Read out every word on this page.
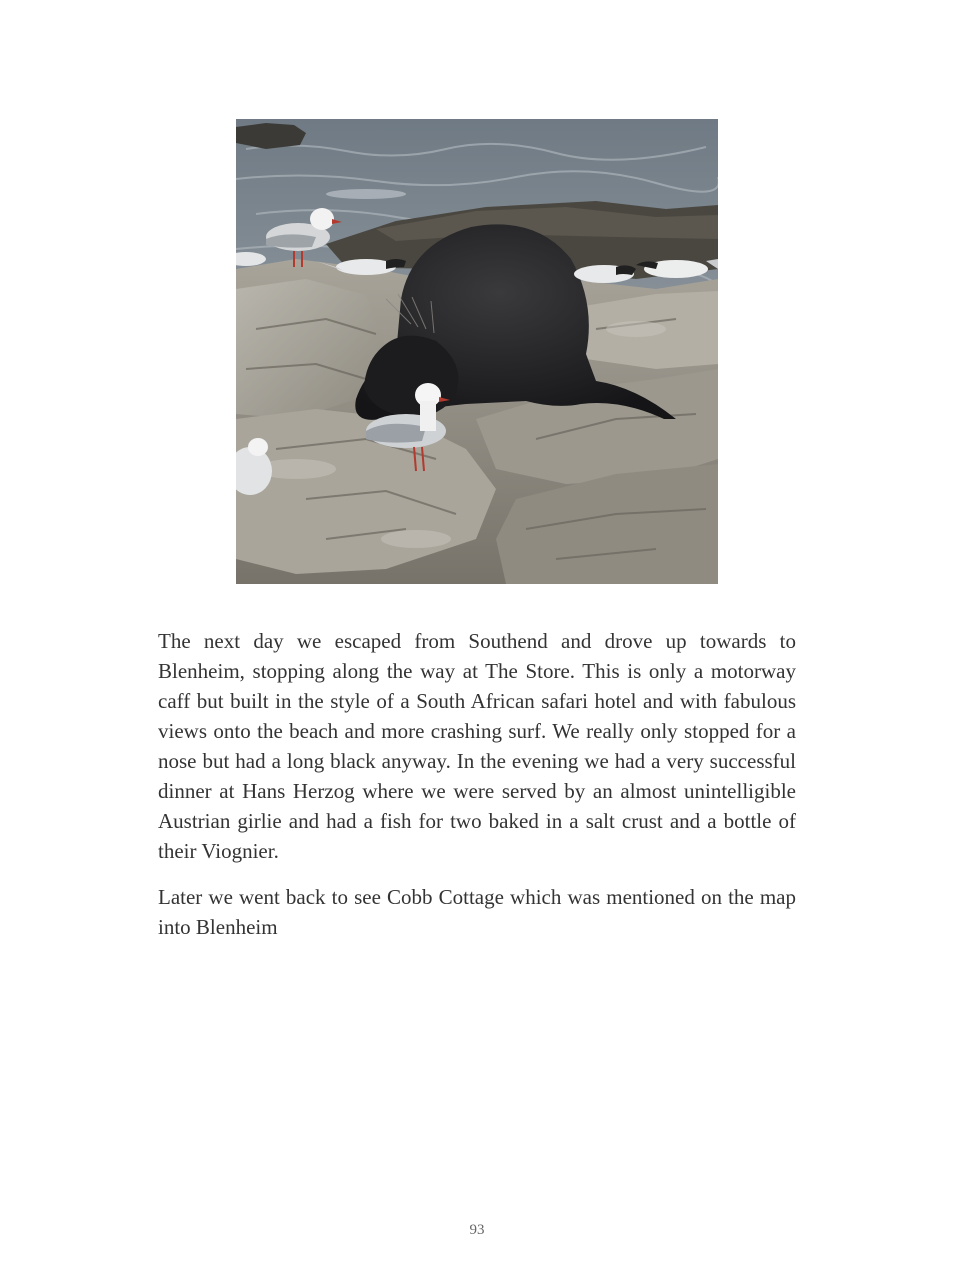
The next day we escaped from Southend and drove up towards to Blenheim, stopping along the way at The Store. This is only a motorway caff but built in the style of a South African safari hotel and with fabulous views onto the beach and more crashing surf. We really only stopped for a nose but had a long black anyway. In the evening we had a very successful dinner at Hans Herzog where we were served by an almost unintelligible Austrian girlie and had a fish for two baked in a salt crust and a bottle of their Viognier.

Later we went back to see Cobb Cottage which was mentioned on the map into Blenheim

93
